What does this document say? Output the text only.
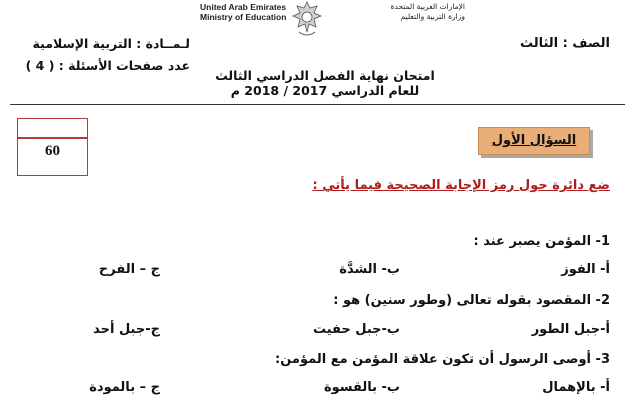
United Arab Emirates
Ministry of Education
الإمارات العربية المتحدة
وزارة التربية والتعليم
لـمــادة : التربية الإسلامية
عدد صفحات الأسئلة : ( 4 )
الصف : الثالث
امتحان نهاية الفصل الدراسي الثالث
للعام الدراسي 2017 / 2018 م
60
السؤال الأول
ضع دائرة حول رمز الإجابة الصحيحة فيما يأتي :
1- المؤمن يصبر عند :
أ- الفوز
ب- الشدَّة
ج – الفرح
2- المقصود بقوله تعالى (وطور سنين) هو :
أ-جبل الطور
ب-جبل حفيت
ج-جبل أحد
3- أوصى الرسول أن تكون علاقة المؤمن مع المؤمن:
أ- بالإهمال
ب- بالقسوة
ج – بالمودة
